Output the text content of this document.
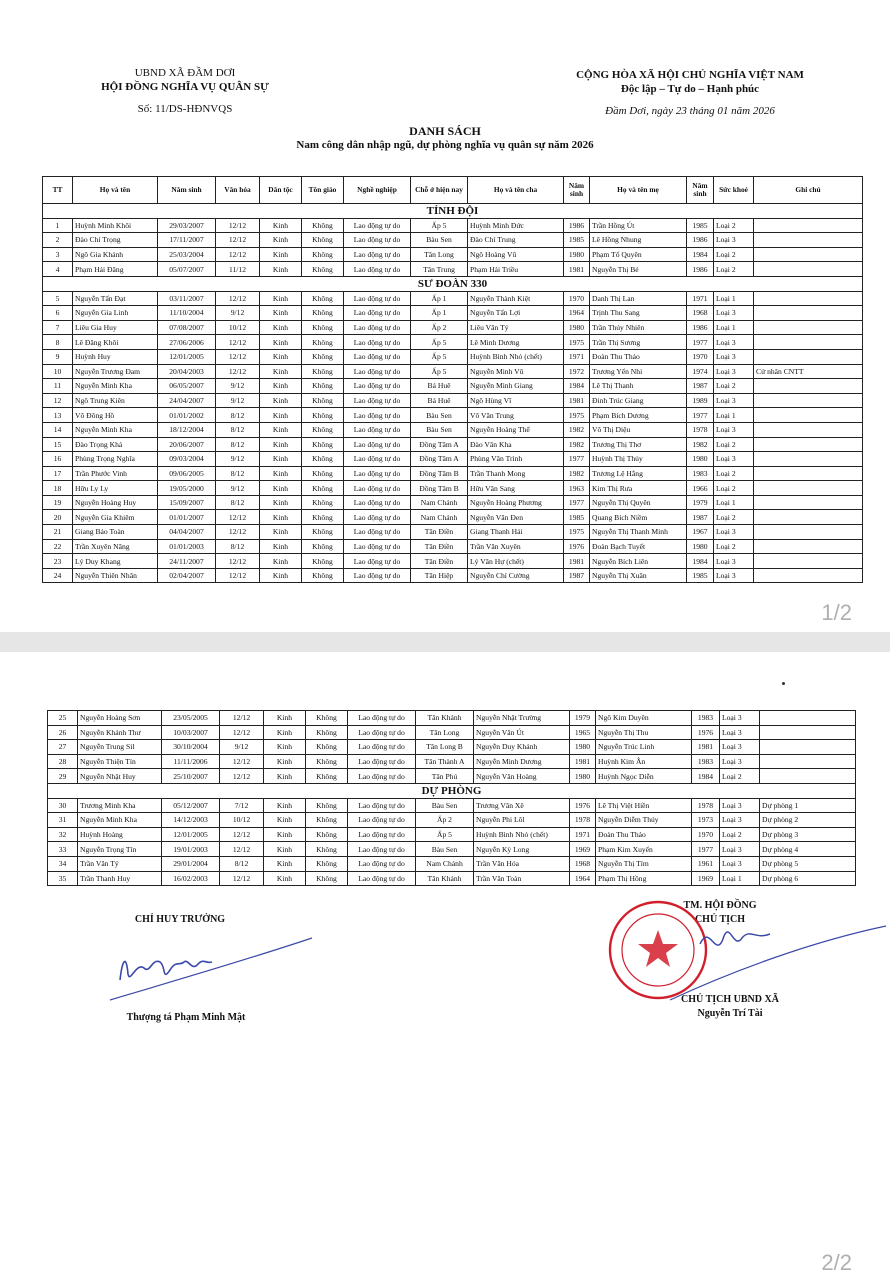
UBND XÃ ĐẦM DƠI
HỘI ĐỒNG NGHĨA VỤ QUÂN SỰ
Số: 11/DS-HĐNVQS
CỘNG HÒA XÃ HỘI CHỦ NGHĨA VIỆT NAM
Độc lập – Tự do – Hạnh phúc
Đầm Dơi, ngày 23 tháng 01 năm 2026
DANH SÁCH
Nam công dân nhập ngũ, dự phòng nghĩa vụ quân sự năm 2026
TT	Họ và tên	Năm sinh	Văn hóa	Dân tộc	Tôn giáo	Nghề nghiệp	Chỗ ở hiện nay	Họ và tên cha	Năm sinh	Họ và tên mẹ	Năm sinh	Sức khoẻ	Ghi chú
TỈNH ĐỘI													
1	Huỳnh Minh Khôi	29/03/2007	12/12	Kinh	Không	Lao động tự do	Ấp 5	Huỳnh Minh Đức	1986	Trần Hồng Út	1985	Loại 2	
2	Đào Chí Trọng	17/11/2007	12/12	Kinh	Không	Lao động tự do	Bàu Sen	Đào Chí Trung	1985	Lê Hồng Nhung	1986	Loại 3	
3	Ngô Gia Khánh	25/03/2004	12/12	Kinh	Không	Lao động tự do	Tân Long	Ngô Hoàng Vũ	1980	Phạm Tố Quyên	1984	Loại 2	
4	Phạm Hải Đăng	05/07/2007	11/12	Kinh	Không	Lao động tự do	Tân Trung	Phạm Hải Triều	1981	Nguyễn Thị Bé	1986	Loại 2	
SƯ ĐOÀN 330													
5	Nguyễn Tấn Đạt	03/11/2007	12/12	Kinh	Không	Lao động tự do	Ấp 1	Nguyễn Thành Kiệt	1970	Danh Thị Lan	1971	Loại 1	
6	Nguyễn Gia Linh	11/10/2004	9/12	Kinh	Không	Lao động tự do	Ấp 1	Nguyễn Tấn Lợi	1964	Trịnh Thu Sang	1968	Loại 3	
7	Liêu Gia Huy	07/08/2007	10/12	Kinh	Không	Lao động tự do	Ấp 2	Liêu Văn Tỷ	1980	Trần Thúy Nhiên	1986	Loại 1	
8	Lê Đăng Khôi	27/06/2006	12/12	Kinh	Không	Lao động tự do	Ấp 5	Lê Minh Dương	1975	Trần Thị Sương	1977	Loại 3	
9	Huỳnh Huy	12/01/2005	12/12	Kinh	Không	Lao động tự do	Ấp 5	Huỳnh Bình Nhỏ (chết)	1971	Đoàn Thu Thảo	1970	Loại 3	
10	Nguyễn Trương Đam	20/04/2003	12/12	Kinh	Không	Lao động tự do	Ấp 5	Nguyễn Minh Vũ	1972	Trương Yến Nhi	1974	Loại 3	Cử nhân CNTT
11	Nguyễn Minh Kha	06/05/2007	9/12	Kinh	Không	Lao động tự do	Bá Huê	Nguyễn Minh Giang	1984	Lê Thị Thanh	1987	Loại 2	
12	Ngô Trung Kiên	24/04/2007	9/12	Kinh	Không	Lao động tự do	Bá Huê	Ngô Hùng Vĩ	1981	Đinh Trúc Giang	1989	Loại 3	
13	Võ Đông Hồ	01/01/2002	8/12	Kinh	Không	Lao động tự do	Bàu Sen	Võ Văn Trung	1975	Phạm Bích Dương	1977	Loại 1	
14	Nguyễn Minh Kha	18/12/2004	8/12	Kinh	Không	Lao động tự do	Bàu Sen	Nguyễn Hoàng Thể	1982	Võ Thị Diệu	1978	Loại 3	
15	Đào Trọng Khả	20/06/2007	8/12	Kinh	Không	Lao động tự do	Đồng Tâm A	Đào Văn Kha	1982	Trương Thị Thơ	1982	Loại 2	
16	Phùng Trọng Nghĩa	09/03/2004	9/12	Kinh	Không	Lao động tự do	Đồng Tâm A	Phùng Văn Trình	1977	Huỳnh Thị Thủy	1980	Loại 3	
17	Trần Phước Vinh	09/06/2005	8/12	Kinh	Không	Lao động tự do	Đồng Tâm B	Trần Thanh Mong	1982	Trương Lệ Hằng	1983	Loại 2	
18	Hữu Ly Ly	19/05/2000	9/12	Kinh	Không	Lao động tự do	Đồng Tâm B	Hữu Văn Sang	1963	Kim Thị Rưa	1966	Loại 2	
19	Nguyễn Hoàng Huy	15/09/2007	8/12	Kinh	Không	Lao động tự do	Nam Chánh	Nguyễn Hoàng Phương	1977	Nguyễn Thị Quyên	1979	Loại 1	
20	Nguyễn Gia Khiêm	01/01/2007	12/12	Kinh	Không	Lao động tự do	Nam Chánh	Nguyễn Văn Đen	1985	Quang Bích Niềm	1987	Loại 2	
21	Giang Bảo Toàn	04/04/2007	12/12	Kinh	Không	Lao động tự do	Tân Điền	Giang Thanh Hải	1975	Nguyễn Thị Thanh Minh	1967	Loại 3	
22	Trần Xuyên Năng	01/01/2003	8/12	Kinh	Không	Lao động tự do	Tân Điền	Trần Văn Xuyên	1976	Đoàn Bạch Tuyết	1980	Loại 2	
23	Lý Duy Khang	24/11/2007	12/12	Kinh	Không	Lao động tự do	Tân Điền	Lý Văn Hự (chết)	1981	Nguyễn Bích Liên	1984	Loại 3	
24	Nguyễn Thiên Nhân	02/04/2007	12/12	Kinh	Không	Lao động tự do	Tân Hiệp	Nguyễn Chí Cường	1987	Nguyễn Thị Xuân	1985	Loại 3	
1/2
25	Nguyễn Hoàng Sơn	23/05/2005	12/12	Kinh	Không	Lao động tự do	Tân Khánh	Nguyễn Nhật Trường	1979	Ngô Kim Duyên	1983	Loại 3	
26	Nguyễn Khánh Thư	10/03/2007	12/12	Kinh	Không	Lao động tự do	Tân Long	Nguyễn Văn Út	1965	Nguyễn Thị Thu	1976	Loại 3	
27	Nguyễn Trung Sil	30/10/2004	9/12	Kinh	Không	Lao động tự do	Tân Long B	Nguyễn Duy Khánh	1980	Nguyễn Trúc Linh	1981	Loại 3	
28	Nguyễn Thiện Tín	11/11/2006	12/12	Kinh	Không	Lao động tự do	Tân Thành A	Nguyễn Minh Dương	1981	Huỳnh Kim Ân	1983	Loại 3	
29	Nguyễn Nhật Huy	25/10/2007	12/12	Kinh	Không	Lao động tự do	Tân Phú	Nguyễn Văn Hoàng	1980	Huỳnh Ngọc Diễn	1984	Loại 2	
DỰ PHÒNG													
30	Trương Minh Kha	05/12/2007	7/12	Kinh	Không	Lao động tự do	Bàu Sen	Trương Văn Xê	1976	Lê Thị Việt Hiền	1978	Loại 3	Dự phòng 1
31	Nguyễn Minh Kha	14/12/2003	10/12	Kinh	Không	Lao động tự do	Ấp 2	Nguyễn Phi Lôl	1978	Nguyễn Diễm Thúy	1973	Loại 3	Dự phòng 2
32	Huỳnh Hoàng	12/01/2005	12/12	Kinh	Không	Lao động tự do	Ấp 5	Huỳnh Bình Nhỏ (chết)	1971	Đoàn Thu Thảo	1970	Loại 2	Dự phòng 3
33	Nguyễn Trọng Tín	19/01/2003	12/12	Kinh	Không	Lao động tự do	Bàu Sen	Nguyễn Kỳ Long	1969	Phạm Kim Xuyến	1977	Loại 3	Dự phòng 4
34	Trần Văn Tý	29/01/2004	8/12	Kinh	Không	Lao động tự do	Nam Chánh	Trần Văn Hóa	1968	Nguyễn Thị Tím	1961	Loại 3	Dự phòng 5
35	Trần Thanh Huy	16/02/2003	12/12	Kinh	Không	Lao động tự do	Tân Khánh	Trần Văn Toàn	1964	Phạm Thị Hồng	1969	Loại 1	Dự phòng 6
CHỈ HUY TRƯỞNG
Thượng tá Phạm Minh Mật
TM. HỘI ĐỒNG
CHỦ TỊCH
CHỦ TỊCH UBND XÃ
Nguyễn Trí Tài
2/2
